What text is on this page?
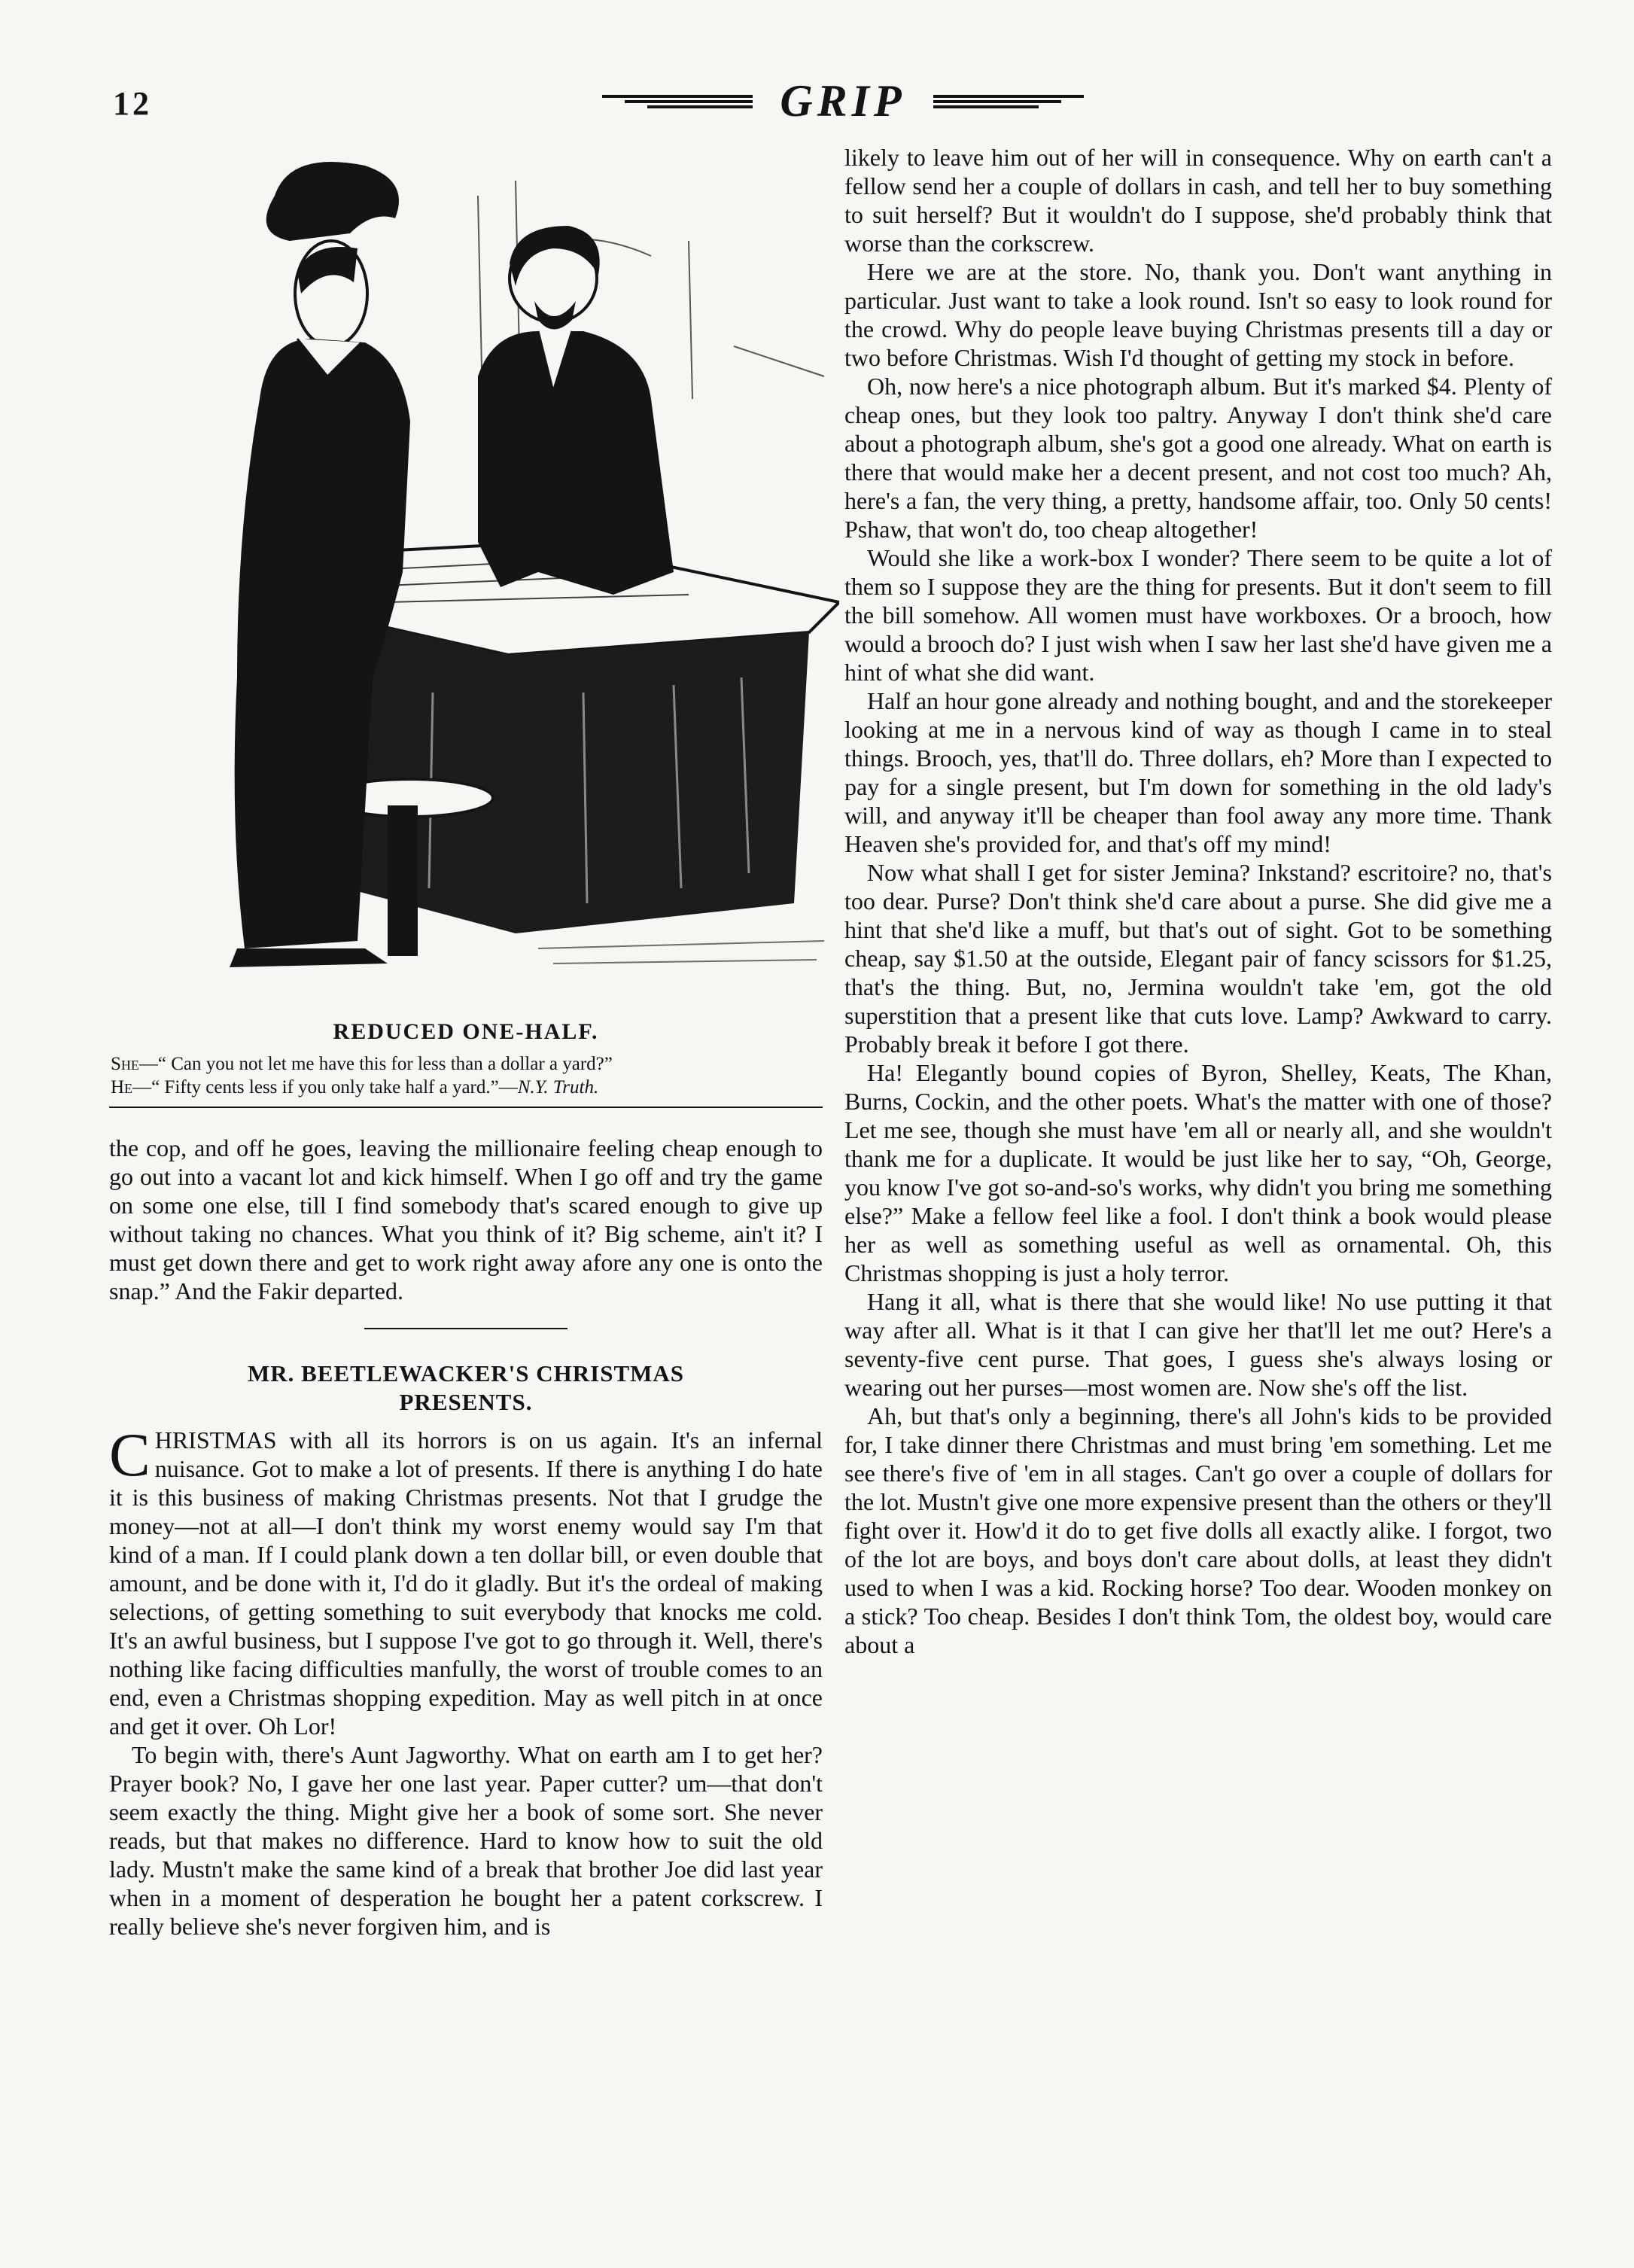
12	GRIP
REDUCED ONE-HALF.
She—“ Can you not let me have this for less than a dollar a yard?”
He—“ Fifty cents less if you only take half a yard.”—N.Y. Truth.

the cop, and off he goes, leaving the millionaire feeling cheap enough to go out into a vacant lot and kick himself. When I go off and try the game on some one else, till I find somebody that's scared enough to give up without taking no chances. What you think of it? Big scheme, ain't it? I must get down there and get to work right away afore any one is onto the snap.” And the Fakir departed.

MR. BEETLEWACKER'S CHRISTMAS
PRESENTS.

CHRISTMAS with all its horrors is on us again. It's an infernal nuisance. Got to make a lot of presents. If there is anything I do hate it is this business of making Christmas presents. Not that I grudge the money—not at all—I don't think my worst enemy would say I'm that kind of a man. If I could plank down a ten dollar bill, or even double that amount, and be done with it, I'd do it gladly. But it's the ordeal of making selections, of getting something to suit everybody that knocks me cold. It's an awful business, but I suppose I've got to go through it. Well, there's nothing like facing difficulties manfully, the worst of trouble comes to an end, even a Christmas shopping expedition. May as well pitch in at once and get it over. Oh Lor!

To begin with, there's Aunt Jagworthy. What on earth am I to get her? Prayer book? No, I gave her one last year. Paper cutter? um—that don't seem exactly the thing. Might give her a book of some sort. She never reads, but that makes no difference. Hard to know how to suit the old lady. Mustn't make the same kind of a break that brother Joe did last year when in a moment of desperation he bought her a patent corkscrew. I really believe she's never forgiven him, and is

likely to leave him out of her will in consequence. Why on earth can't a fellow send her a couple of dollars in cash, and tell her to buy something to suit herself? But it wouldn't do I suppose, she'd probably think that worse than the corkscrew.

Here we are at the store. No, thank you. Don't want anything in particular. Just want to take a look round. Isn't so easy to look round for the crowd. Why do people leave buying Christmas presents till a day or two before Christmas. Wish I'd thought of getting my stock in before.

Oh, now here's a nice photograph album. But it's marked $4. Plenty of cheap ones, but they look too paltry. Anyway I don't think she'd care about a photograph album, she's got a good one already. What on earth is there that would make her a decent present, and not cost too much? Ah, here's a fan, the very thing, a pretty, handsome affair, too. Only 50 cents! Pshaw, that won't do, too cheap altogether!

Would she like a work-box I wonder? There seem to be quite a lot of them so I suppose they are the thing for presents. But it don't seem to fill the bill somehow. All women must have workboxes. Or a brooch, how would a brooch do? I just wish when I saw her last she'd have given me a hint of what she did want.

Half an hour gone already and nothing bought, and and the storekeeper looking at me in a nervous kind of way as though I came in to steal things. Brooch, yes, that'll do. Three dollars, eh? More than I expected to pay for a single present, but I'm down for something in the old lady's will, and anyway it'll be cheaper than fool away any more time. Thank Heaven she's provided for, and that's off my mind!

Now what shall I get for sister Jemina? Inkstand? escritoire? no, that's too dear. Purse? Don't think she'd care about a purse. She did give me a hint that she'd like a muff, but that's out of sight. Got to be something cheap, say $1.50 at the outside, Elegant pair of fancy scissors for $1.25, that's the thing. But, no, Jermina wouldn't take 'em, got the old superstition that a present like that cuts love. Lamp? Awkward to carry. Probably break it before I got there.

Ha! Elegantly bound copies of Byron, Shelley, Keats, The Khan, Burns, Cockin, and the other poets. What's the matter with one of those? Let me see, though she must have 'em all or nearly all, and she wouldn't thank me for a duplicate. It would be just like her to say, “Oh, George, you know I've got so-and-so's works, why didn't you bring me something else?” Make a fellow feel like a fool. I don't think a book would please her as well as something useful as well as ornamental. Oh, this Christmas shopping is just a holy terror.

Hang it all, what is there that she would like! No use putting it that way after all. What is it that I can give her that'll let me out? Here's a seventy-five cent purse. That goes, I guess she's always losing or wearing out her purses—most women are. Now she's off the list.

Ah, but that's only a beginning, there's all John's kids to be provided for, I take dinner there Christmas and must bring 'em something. Let me see there's five of 'em in all stages. Can't go over a couple of dollars for the lot. Mustn't give one more expensive present than the others or they'll fight over it. How'd it do to get five dolls all exactly alike. I forgot, two of the lot are boys, and boys don't care about dolls, at least they didn't used to when I was a kid. Rocking horse? Too dear. Wooden monkey on a stick? Too cheap. Besides I don't think Tom, the oldest boy, would care about a
